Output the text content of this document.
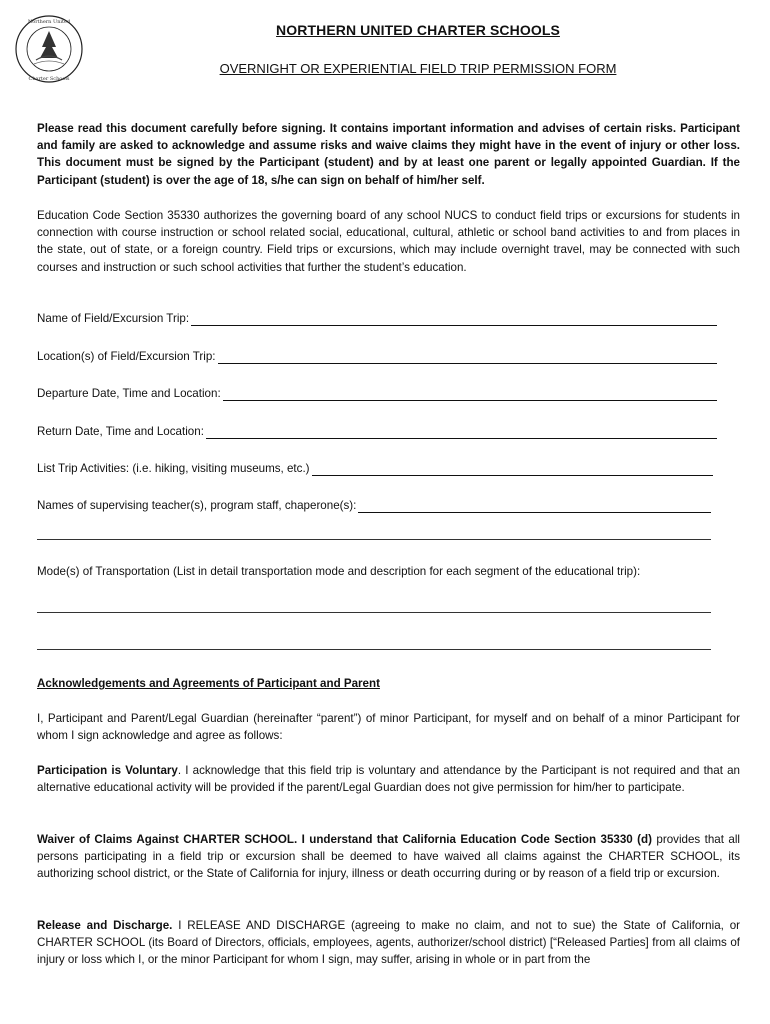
Northern United
Charter Schools
NORTHERN UNITED CHARTER SCHOOLS
OVERNIGHT OR EXPERIENTIAL FIELD TRIP PERMISSION FORM
Please read this document carefully before signing. It contains important information and advises of certain risks. Participant and family are asked to acknowledge and assume risks and waive claims they might have in the event of injury or other loss. This document must be signed by the Participant (student) and by at least one parent or legally appointed Guardian. If the Participant (student) is over the age of 18, s/he can sign on behalf of him/her self.
Education Code Section 35330 authorizes the governing board of any school NUCS to conduct field trips or excursions for students in connection with course instruction or school related social, educational, cultural, athletic or school band activities to and from places in the state, out of state, or a foreign country. Field trips or excursions, which may include overnight travel, may be connected with such courses and instruction or such school activities that further the student’s education.
Name of Field/Excursion Trip:
Location(s) of Field/Excursion Trip:
Departure Date, Time and Location:
Return Date, Time and Location:
List Trip Activities: (i.e. hiking, visiting museums, etc.)
Names of supervising teacher(s), program staff, chaperone(s):
Mode(s) of Transportation (List in detail transportation mode and description for each segment of the educational trip):
Acknowledgements and Agreements of Participant and Parent
I, Participant and Parent/Legal Guardian (hereinafter “parent”) of minor Participant, for myself and on behalf of a minor Participant for whom I sign acknowledge and agree as follows:
Participation is Voluntary. I acknowledge that this field trip is voluntary and attendance by the Participant is not required and that an alternative educational activity will be provided if the parent/Legal Guardian does not give permission for him/her to participate.
Waiver of Claims Against CHARTER SCHOOL. I understand that California Education Code Section 35330 (d) provides that all persons participating in a field trip or excursion shall be deemed to have waived all claims against the CHARTER SCHOOL, its authorizing school district, or the State of California for injury, illness or death occurring during or by reason of a field trip or excursion.
Release and Discharge. I RELEASE AND DISCHARGE (agreeing to make no claim, and not to sue) the State of California, or CHARTER SCHOOL (its Board of Directors, officials, employees, agents, authorizer/school district) [“Released Parties] from all claims of injury or loss which I, or the minor Participant for whom I sign, may suffer, arising in whole or in part from the
